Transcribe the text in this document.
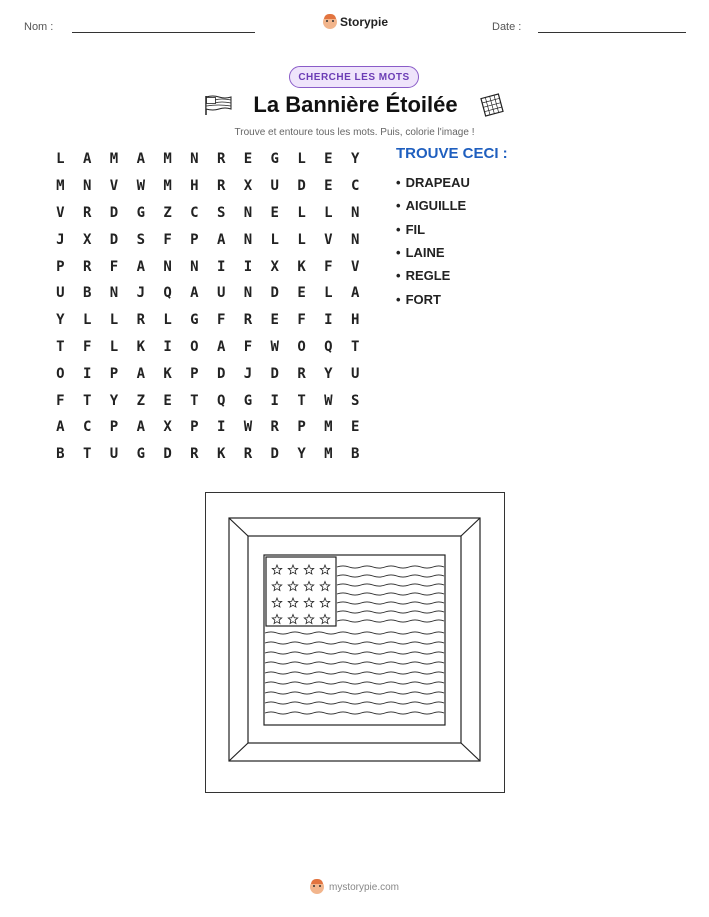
Nom :	Storypie	Date :
CHERCHE LES MOTS
La Bannière Étoilée
Trouve et entoure tous les mots. Puis, colorie l'image !
L	A	M	A	M	N	R	E	G	L	E	Y
M	N	V	W	M	H	R	X	U	D	E	C
V	R	D	G	Z	C	S	N	E	L	L	N
J	X	D	S	F	P	A	N	L	L	V	N
P	R	F	A	N	N	I	I	X	K	F	V
U	B	N	J	Q	A	U	N	D	E	L	A
Y	L	L	R	L	G	F	R	E	F	I	H
T	F	L	K	I	O	A	F	W	O	Q	T
O	I	P	A	K	P	D	J	D	R	Y	U
F	T	Y	Z	E	T	Q	G	I	T	W	S
A	C	P	A	X	P	I	W	R	P	M	E
B	T	U	G	D	R	K	R	D	Y	M	B
TROUVE CECI :
• DRAPEAU
• AIGUILLE
• FIL
• LAINE
• REGLE
• FORT
mystorypie.com
